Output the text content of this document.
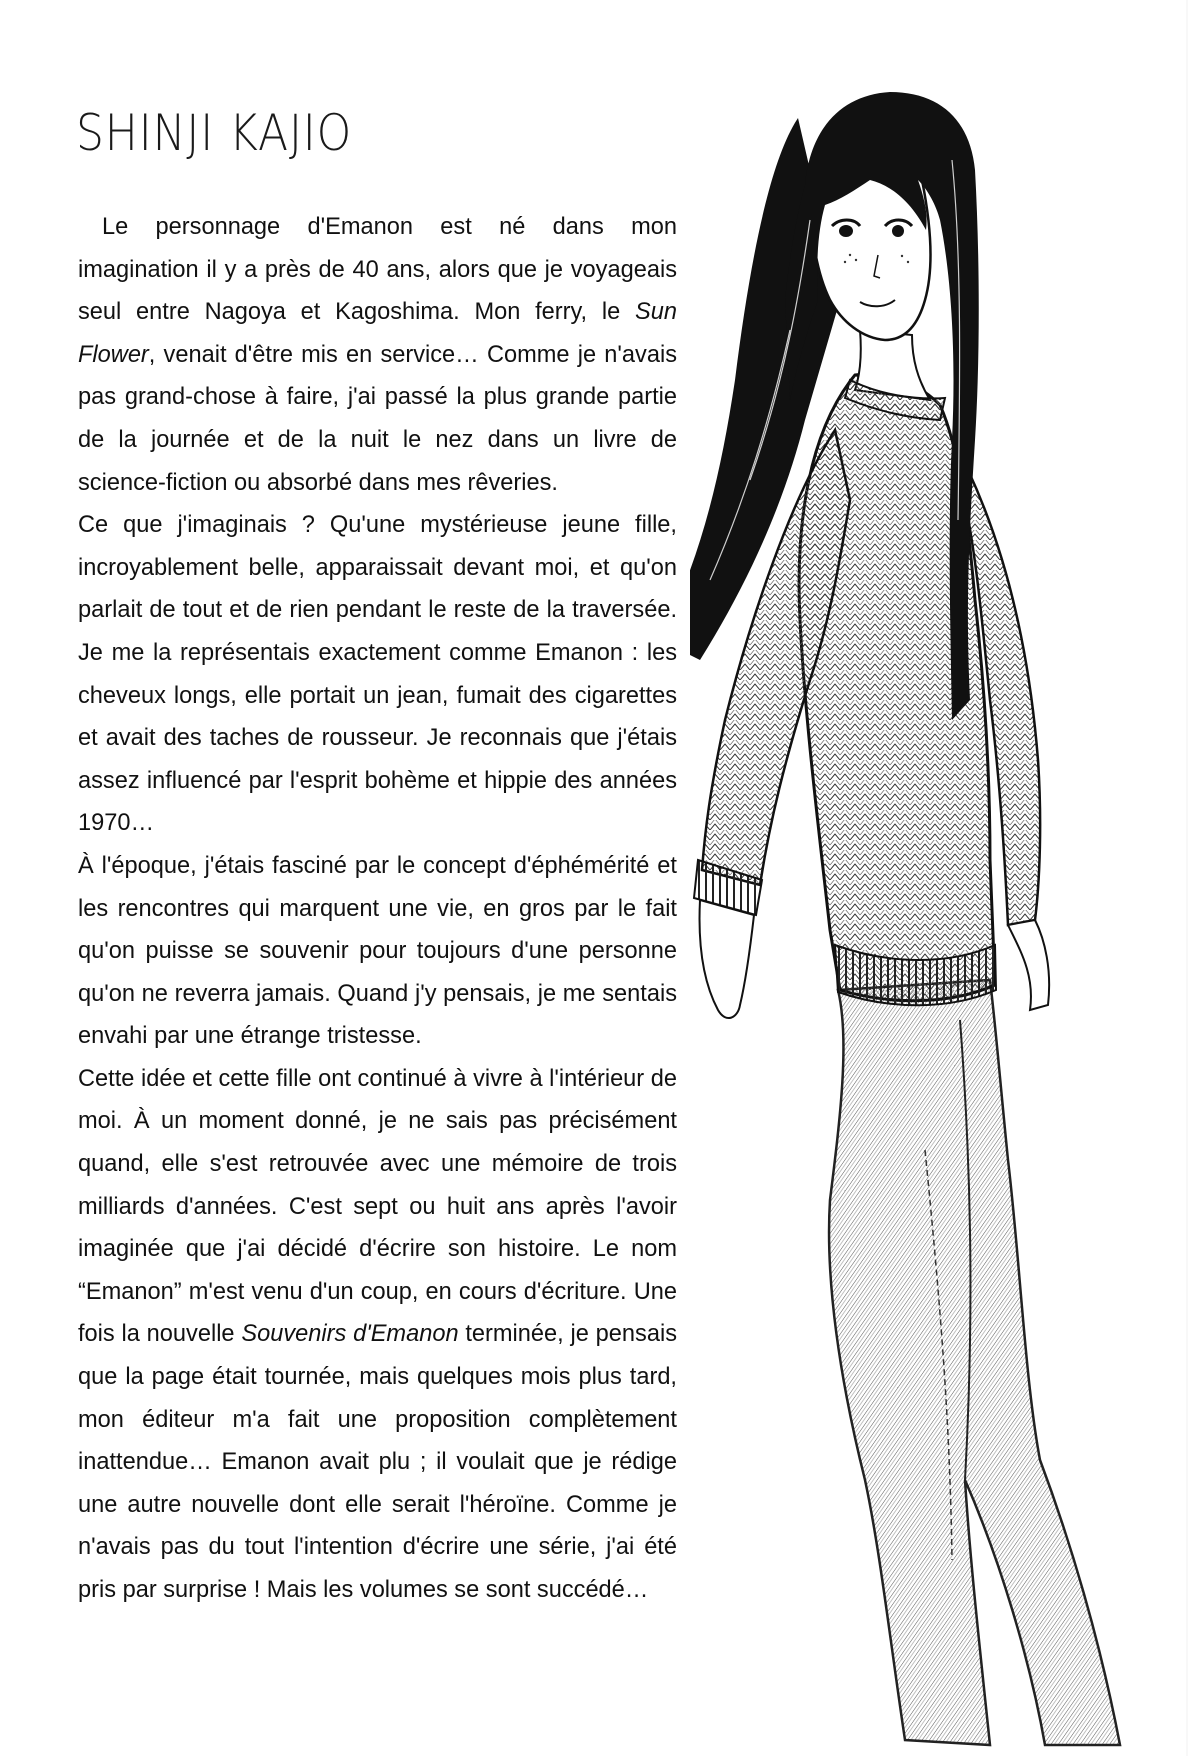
SHINJI KAJIO

Le personnage d'Emanon est né dans mon imagination il y a près de 40 ans, alors que je voyageais seul entre Nagoya et Kagoshima. Mon ferry, le Sun Flower, venait d'être mis en service… Comme je n'avais pas grand-chose à faire, j'ai passé la plus grande partie de la journée et de la nuit le nez dans un livre de science-fiction ou absorbé dans mes rêveries.

Ce que j'imaginais ? Qu'une mystérieuse jeune fille, incroyablement belle, apparaissait devant moi, et qu'on parlait de tout et de rien pendant le reste de la traversée. Je me la représentais exactement comme Emanon : les cheveux longs, elle portait un jean, fumait des cigarettes et avait des taches de rousseur. Je reconnais que j'étais assez influencé par l'esprit bohème et hippie des années 1970…

À l'époque, j'étais fasciné par le concept d'éphémérité et les rencontres qui marquent une vie, en gros par le fait qu'on puisse se souvenir pour toujours d'une personne qu'on ne reverra jamais. Quand j'y pensais, je me sentais envahi par une étrange tristesse.

Cette idée et cette fille ont continué à vivre à l'intérieur de moi. À un moment donné, je ne sais pas précisément quand, elle s'est retrouvée avec une mémoire de trois milliards d'années. C'est sept ou huit ans après l'avoir imaginée que j'ai décidé d'écrire son histoire. Le nom “Emanon” m'est venu d'un coup, en cours d'écriture. Une fois la nouvelle Souvenirs d'Emanon terminée, je pensais que la page était tournée, mais quelques mois plus tard, mon éditeur m'a fait une proposition complètement inattendue… Emanon avait plu ; il voulait que je rédige une autre nouvelle dont elle serait l'héroïne. Comme je n'avais pas du tout l'intention d'écrire une série, j'ai été pris par surprise ! Mais les volumes se sont succédé…
